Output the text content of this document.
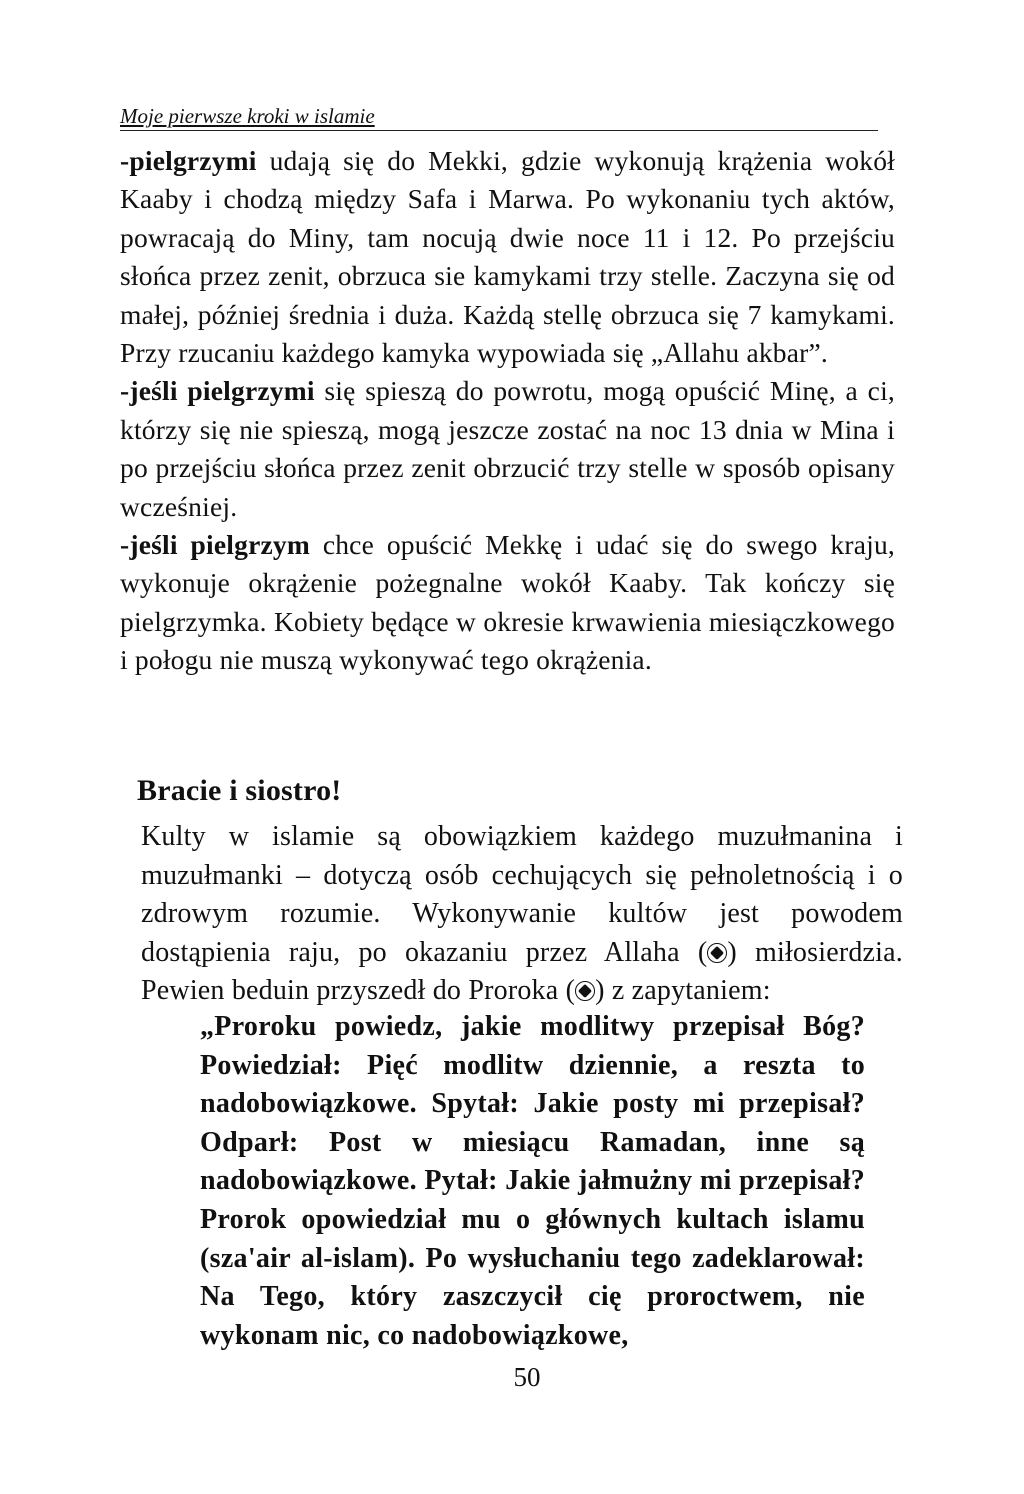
Moje pierwsze kroki w islamie

-pielgrzymi udają się do Mekki, gdzie wykonują krążenia wokół Kaaby i chodzą między Safa i Marwa. Po wykonaniu tych aktów, powracają do Miny, tam nocują dwie noce 11 i 12. Po przejściu słońca przez zenit, obrzuca sie kamykami trzy stelle. Zaczyna się od małej, później średnia i duża. Każdą stellę obrzuca się 7 kamykami. Przy rzucaniu każdego kamyka wypowiada się „Allahu akbar”.

-jeśli pielgrzymi się spieszą do powrotu, mogą opuścić Minę, a ci, którzy się nie spieszą, mogą jeszcze zostać na noc 13 dnia w Mina i po przejściu słońca przez zenit obrzucić trzy stelle w sposób opisany wcześniej.

-jeśli pielgrzym chce opuścić Mekkę i udać się do swego kraju, wykonuje okrążenie pożegnalne wokół Kaaby. Tak kończy się pielgrzymka. Kobiety będące w okresie krwawienia miesiączkowego i połogu nie muszą wykonywać tego okrążenia.

Bracie i siostro!

Kulty w islamie są obowiązkiem każdego muzułmanina i muzułmanki – dotyczą osób cechujących się pełnoletnością i o zdrowym rozumie. Wykonywanie kultów jest powodem dostąpienia raju, po okazaniu przez Allaha ( ) miłosierdzia. Pewien beduin przyszedł do Proroka ( ) z zapytaniem:

„Proroku powiedz, jakie modlitwy przepisał Bóg? Powiedział: Pięć modlitw dziennie, a reszta to nadobowiązkowe. Spytał: Jakie posty mi przepisał? Odparł: Post w miesiącu Ramadan, inne są nadobowiązkowe. Pytał: Jakie jałmużny mi przepisał? Prorok opowiedział mu o głównych kultach islamu (sza'air al-islam). Po wysłuchaniu tego zadeklarował: Na Tego, który zaszczycił cię proroctwem, nie wykonam nic, co nadobowiązkowe,
50
